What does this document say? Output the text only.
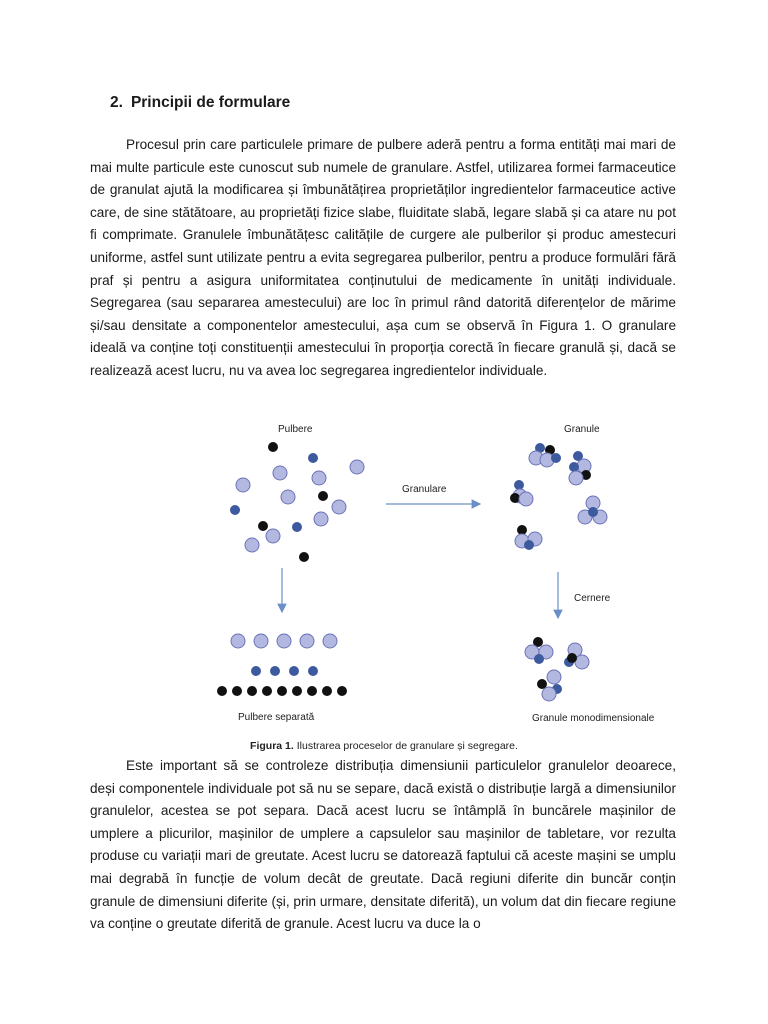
2. Principii de formulare

Procesul prin care particulele primare de pulbere aderă pentru a forma entități mai mari de mai multe particule este cunoscut sub numele de granulare. Astfel, utilizarea formei farmaceutice de granulat ajută la modificarea și îmbunătățirea proprietăților ingredientelor farmaceutice active care, de sine stătătoare, au proprietăți fizice slabe, fluiditate slabă, legare slabă și ca atare nu pot fi comprimate. Granulele îmbunătățesc calitățile de curgere ale pulberilor și produc amestecuri uniforme, astfel sunt utilizate pentru a evita segregarea pulberilor, pentru a produce formulări fără praf și pentru a asigura uniformitatea conținutului de medicamente în unități individuale. Segregarea (sau separarea amestecului) are loc în primul rând datorită diferențelor de mărime și/sau densitate a componentelor amestecului, așa cum se observă în Figura 1. O granulare ideală va conține toți constituenții amestecului în proporția corectă în fiecare granulă și, dacă se realizează acest lucru, nu va avea loc segregarea ingredientelor individuale.

Pulbere	Granule
Granulare
Cernere
Pulbere separată	Granule monodimensionale
Figura 1. Ilustrarea proceselor de granulare și segregare.

Este important să se controleze distribuția dimensiunii particulelor granulelor deoarece, deși componentele individuale pot să nu se separe, dacă există o distribuție largă a dimensiunilor granulelor, acestea se pot separa. Dacă acest lucru se întâmplă în buncărele mașinilor de umplere a plicurilor, mașinilor de umplere a capsulelor sau mașinilor de tabletare, vor rezulta produse cu variații mari de greutate. Acest lucru se datorează faptului că aceste mașini se umplu mai degrabă în funcție de volum decât de greutate. Dacă regiuni diferite din buncăr conțin granule de dimensiuni diferite (și, prin urmare, densitate diferită), un volum dat din fiecare regiune va conține o greutate diferită de granule. Acest lucru va duce la o
